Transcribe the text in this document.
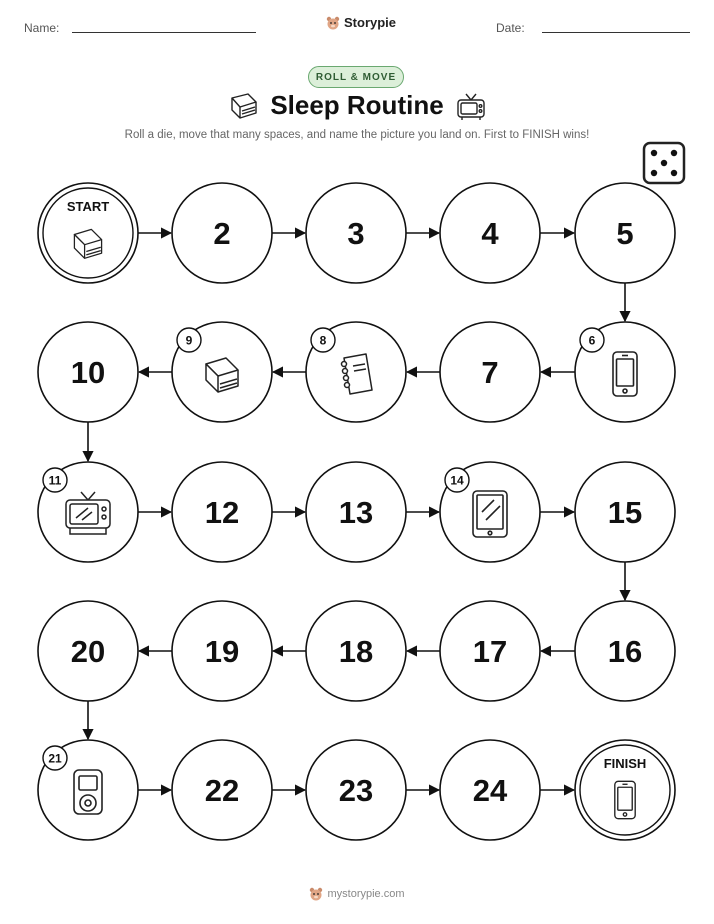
Name:	Storypie	Date:
ROLL & MOVE
Sleep Routine
Roll a die, move that many spaces, and name the picture you land on. First to FINISH wins!
START
2	3	4	5
6
7
8
9
10
11
12	13
14
15
16
17
18
19
20
21
22	23	24
FINISH
mystorypie.com
